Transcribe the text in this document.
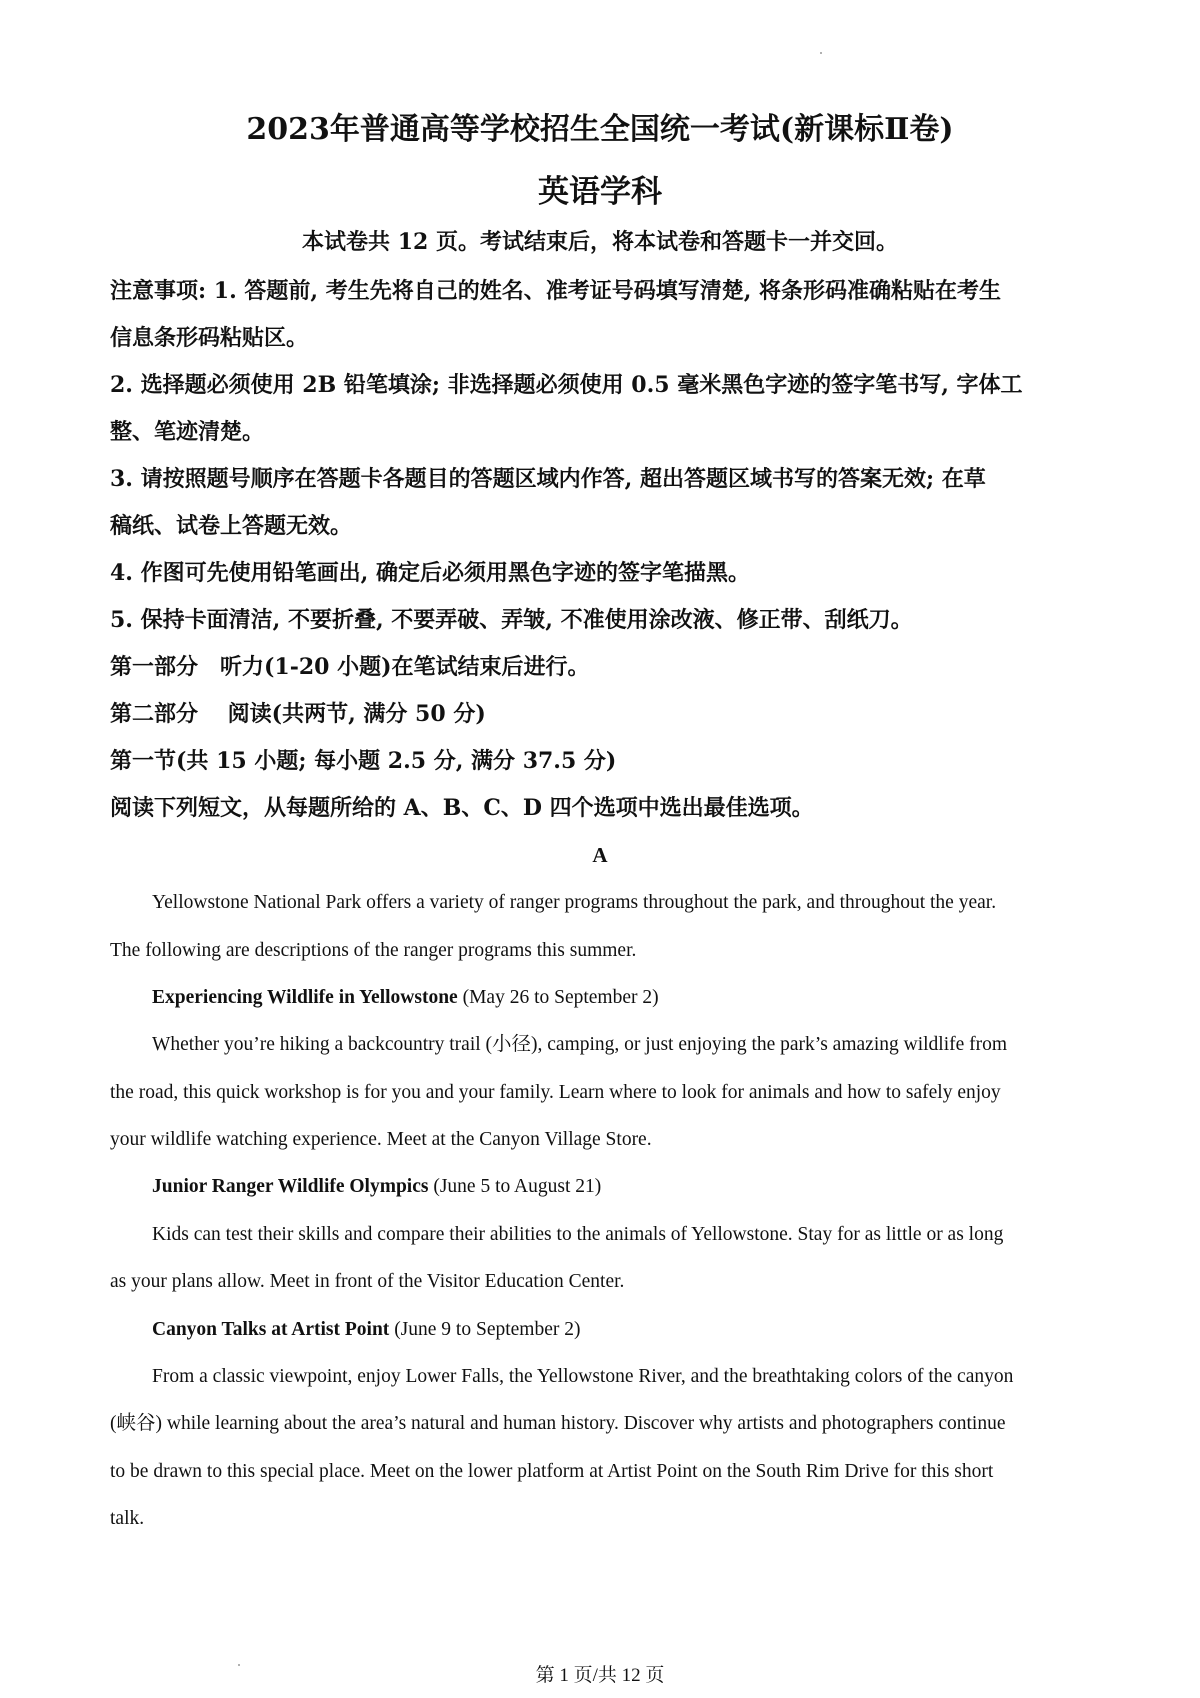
2023年普通高等学校招生全国统一考试(新课标Ⅱ卷)
英语学科
本试卷共 12 页。考试结束后，将本试卷和答题卡一并交回。
注意事项: 1. 答题前, 考生先将自己的姓名、准考证号码填写清楚, 将条形码准确粘贴在考生
信息条形码粘贴区。
2. 选择题必须使用 2B 铅笔填涂; 非选择题必须使用 0.5 毫米黑色字迹的签字笔书写, 字体工
整、笔迹清楚。
3. 请按照题号顺序在答题卡各题目的答题区域内作答, 超出答题区域书写的答案无效; 在草
稿纸、试卷上答题无效。
4. 作图可先使用铅笔画出, 确定后必须用黑色字迹的签字笔描黑。
5. 保持卡面清洁, 不要折叠, 不要弄破、弄皱, 不准使用涂改液、修正带、刮纸刀。
第一部分　听力(1-20 小题)在笔试结束后进行。
第二部分　 阅读(共两节, 满分 50 分)
第一节(共 15 小题; 每小题 2.5 分, 满分 37.5 分)
阅读下列短文，从每题所给的 A、B、C、D 四个选项中选出最佳选项。
A
Yellowstone National Park offers a variety of ranger programs throughout the park, and throughout the year.
The following are descriptions of the ranger programs this summer.
Experiencing Wildlife in Yellowstone (May 26 to September 2)
Whether you’re hiking a backcountry trail (小径), camping, or just enjoying the park’s amazing wildlife from
the road, this quick workshop is for you and your family. Learn where to look for animals and how to safely enjoy
your wildlife watching experience. Meet at the Canyon Village Store.
Junior Ranger Wildlife Olympics (June 5 to August 21)
Kids can test their skills and compare their abilities to the animals of Yellowstone. Stay for as little or as long
as your plans allow. Meet in front of the Visitor Education Center.
Canyon Talks at Artist Point (June 9 to September 2)
From a classic viewpoint, enjoy Lower Falls, the Yellowstone River, and the breathtaking colors of the canyon
(峡谷) while learning about the area’s natural and human history. Discover why artists and photographers continue
to be drawn to this special place. Meet on the lower platform at Artist Point on the South Rim Drive for this short
talk.
第 1 页/共 12 页
